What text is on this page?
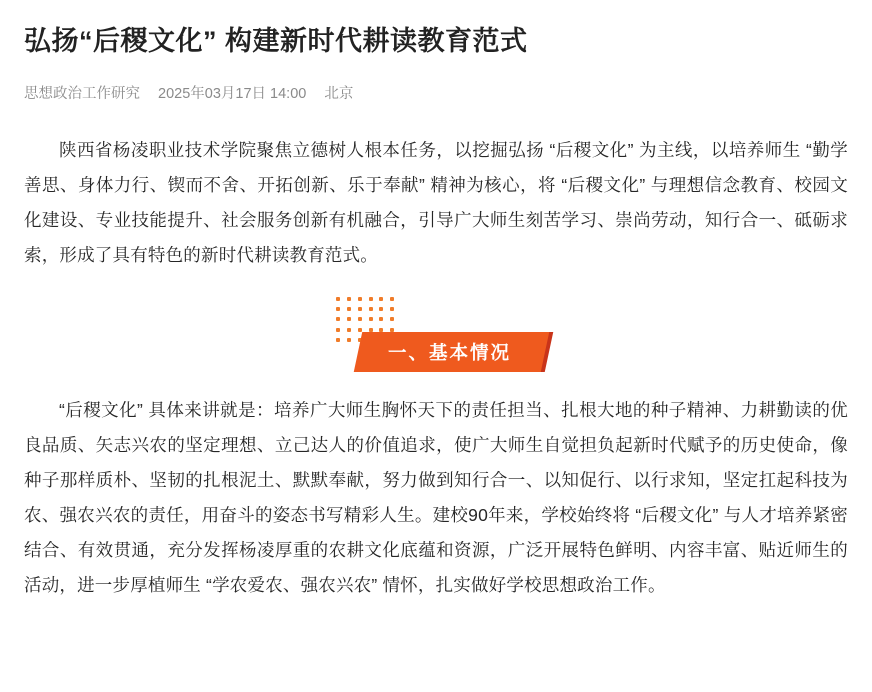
弘扬“后稷文化” 构建新时代耕读教育范式
思想政治工作研究 2025年03月17日 14:00 北京

陕西省杨凌职业技术学院聚焦立德树人根本任务，以挖掘弘扬 “后稷文化” 为主线，以培养师生 “勤学善思、身体力行、锲而不舍、开拓创新、乐于奉献” 精神为核心，将 “后稷文化” 与理想信念教育、校园文化建设、专业技能提升、社会服务创新有机融合，引导广大师生刻苦学习、崇尚劳动，知行合一、砥砺求索，形成了具有特色的新时代耕读教育范式。

一、基本情况

“后稷文化” 具体来讲就是：培养广大师生胸怀天下的责任担当、扎根大地的种子精神、力耕勤读的优良品质、矢志兴农的坚定理想、立己达人的价值追求，使广大师生自觉担负起新时代赋予的历史使命，像种子那样质朴、坚韧的扎根泥土、默默奉献，努力做到知行合一、以知促行、以行求知，坚定扛起科技为农、强农兴农的责任，用奋斗的姿态书写精彩人生。建校90年来，学校始终将 “后稷文化” 与人才培养紧密结合、有效贯通，充分发挥杨凌厚重的农耕文化底蕴和资源，广泛开展特色鲜明、内容丰富、贴近师生的活动，进一步厚植师生 “学农爱农、强农兴农” 情怀，扎实做好学校思想政治工作。
